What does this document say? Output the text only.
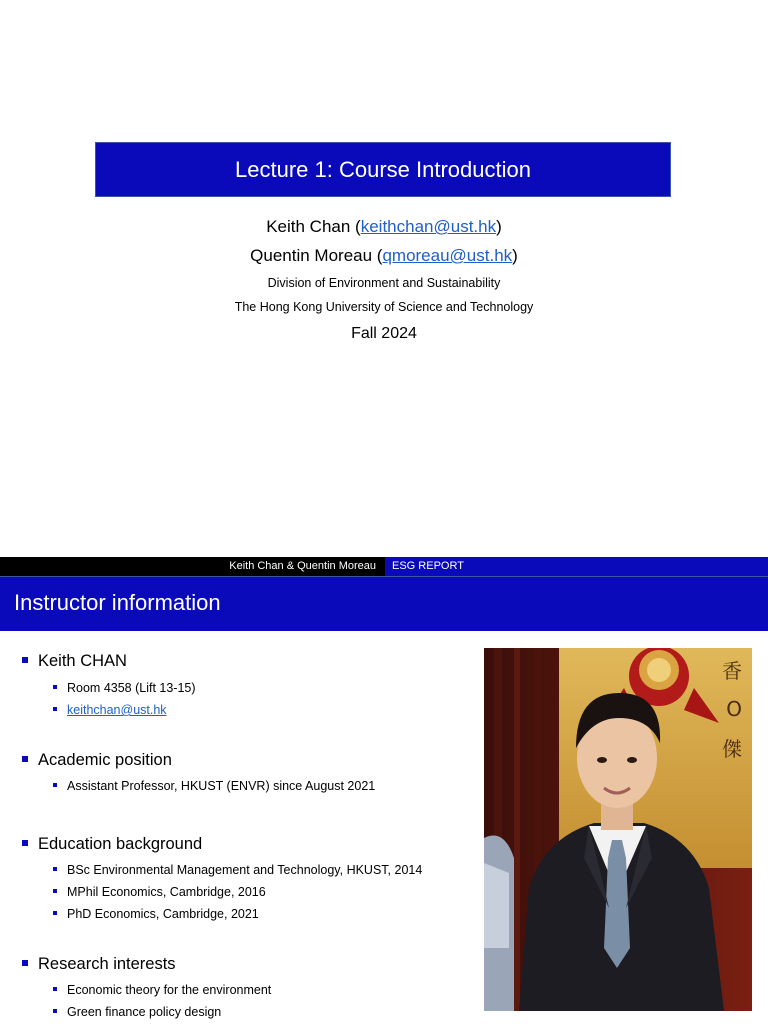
Lecture 1: Course Introduction
Keith Chan (keithchan@ust.hk)
Quentin Moreau (qmoreau@ust.hk)
Division of Environment and Sustainability
The Hong Kong University of Science and Technology
Fall 2024
Keith Chan & Quentin Moreau	ESG REPORT
Instructor information
Keith CHAN
Room 4358 (Lift 13-15)
keithchan@ust.hk
Academic position
Assistant Professor, HKUST (ENVR) since August 2021
Education background
BSc Environmental Management and Technology, HKUST, 2014
MPhil Economics, Cambridge, 2016
PhD Economics, Cambridge, 2021
Research interests
Economic theory for the environment
Green finance policy design
香
O
傑
